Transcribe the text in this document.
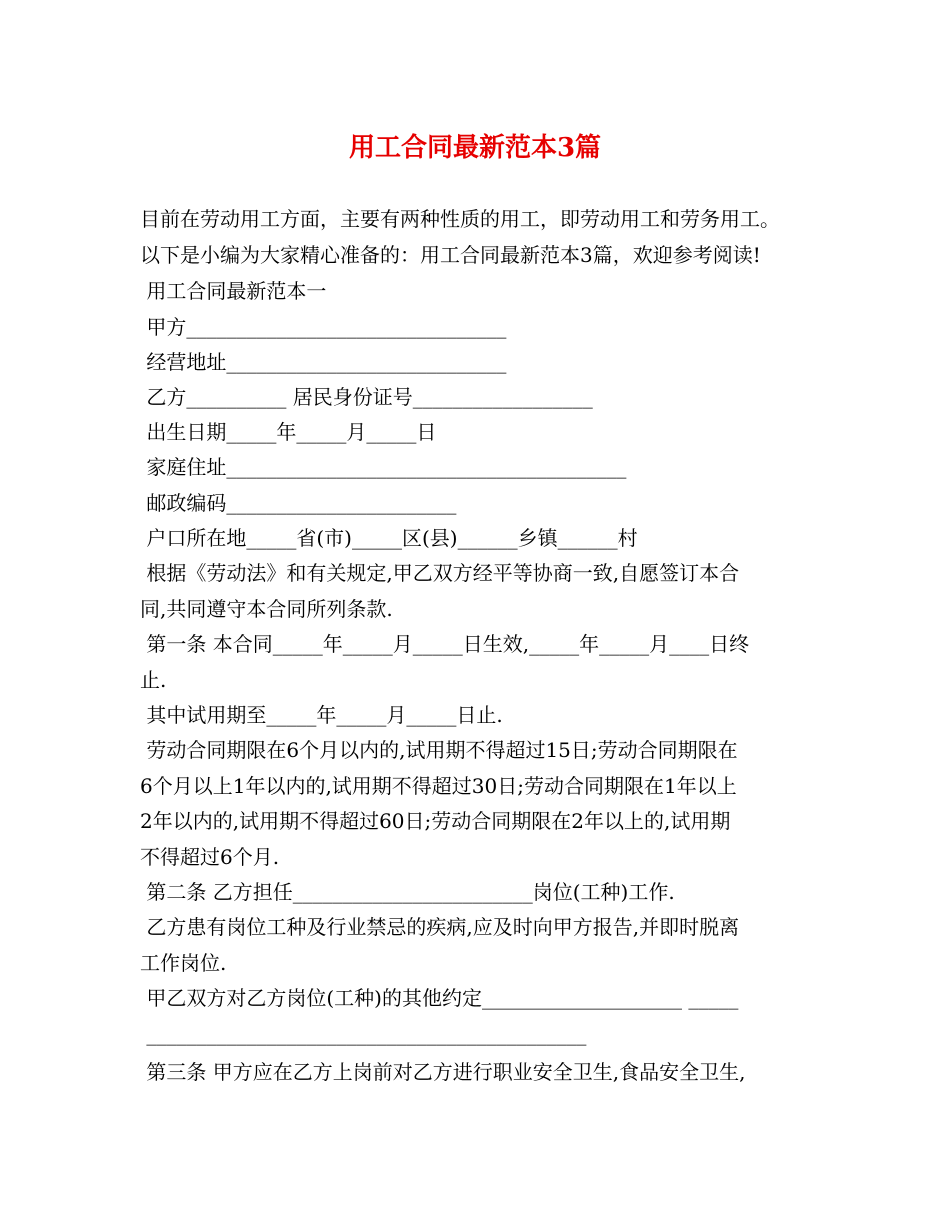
用工合同最新范本3篇
目前在劳动用工方面，主要有两种性质的用工，即劳动用工和劳务用工。
以下是小编为大家精心准备的：用工合同最新范本3篇，欢迎参考阅读!
用工合同最新范本一
甲方________________________________
经营地址____________________________
乙方__________ 居民身份证号__________________
出生日期_____年_____月_____日
家庭住址________________________________________
邮政编码_______________________
户口所在地_____省(市)_____区(县)______乡镇______村
根据《劳动法》和有关规定,甲乙双方经平等协商一致,自愿签订本合
同,共同遵守本合同所列条款.
第一条 本合同_____年_____月_____日生效,_____年_____月____日终
止.
其中试用期至_____年_____月_____日止.
劳动合同期限在6个月以内的,试用期不得超过15日;劳动合同期限在
6个月以上1年以内的,试用期不得超过30日;劳动合同期限在1年以上
2年以内的,试用期不得超过60日;劳动合同期限在2年以上的,试用期
不得超过6个月.
第二条 乙方担任________________________岗位(工种)工作.
乙方患有岗位工种及行业禁忌的疾病,应及时向甲方报告,并即时脱离
工作岗位.
甲乙双方对乙方岗位(工种)的其他约定____________________ _____
____________________________________________
第三条 甲方应在乙方上岗前对乙方进行职业安全卫生,食品安全卫生,
